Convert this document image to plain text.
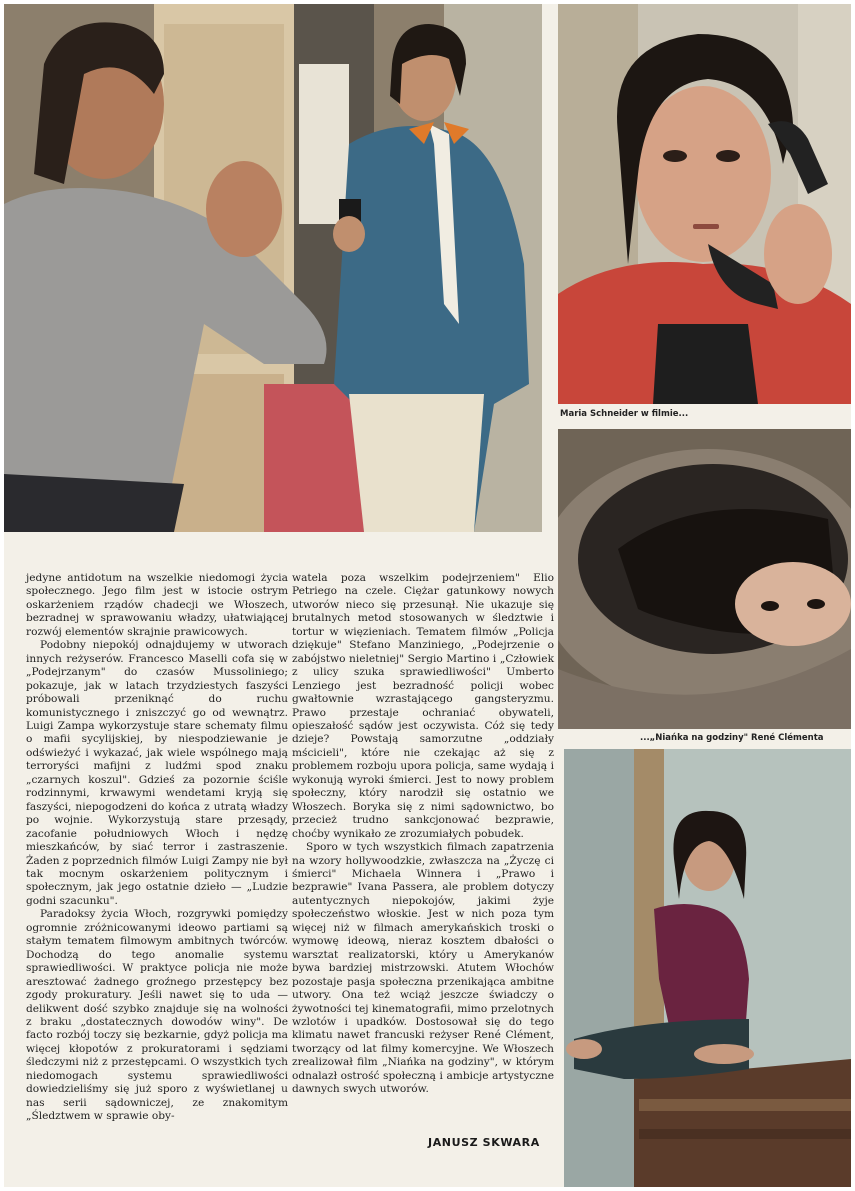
Maria Schneider w filmie...
...„Niańka na godziny" René Clémenta

jedyne antidotum na wszelkie niedomogi życia społecznego. Jego film jest w istocie ostrym oskarżeniem rządów chadecji we Włoszech, bezradnej w sprawowaniu władzy, ułatwiającej rozwój elementów skrajnie prawicowych.

Podobny niepokój odnajdujemy w utworach innych reżyserów. Francesco Maselli cofa się w „Podejrzanym" do czasów Mussoliniego; pokazuje, jak w latach trzydziestych faszyści próbowali przeniknąć do ruchu komunistycznego i zniszczyć go od wewnątrz. Luigi Zampa wykorzystuje stare schematy filmu o mafii sycylijskiej, by niespodziewanie je odświeżyć i wykazać, jak wiele wspólnego mają terroryści mafijni z ludźmi spod znaku „czarnych koszul". Gdzieś za pozornie ściśle rodzinnymi, krwawymi wendetami kryją się faszyści, niepogodzeni do końca z utratą władzy po wojnie. Wykorzystują stare przesądy, zacofanie południowych Włoch i nędzę mieszkańców, by siać terror i zastraszenie. Żaden z poprzednich filmów Luigi Zampy nie był tak mocnym oskarżeniem politycznym i społecznym, jak jego ostatnie dzieło — „Ludzie godni szacunku".

Paradoksy życia Włoch, rozgrywki pomiędzy ogromnie zróżnicowanymi ideowo partiami są stałym tematem filmowym ambitnych twórców. Dochodzą do tego anomalie systemu sprawiedliwości. W praktyce policja nie może aresztować żadnego groźnego przestępcy bez zgody prokuratury. Jeśli nawet się to uda — delikwent dość szybko znajduje się na wolności z braku „dostatecznych dowodów winy". De facto rozbój toczy się bezkarnie, gdyż policja ma więcej kłopotów z prokuratorami i sędziami śledczymi niż z przestępcami. O wszystkich tych niedomogach systemu sprawiedliwości dowiedzieliśmy się już sporo z wyświetlanej u nas serii sądowniczej, ze znakomitym „Śledztwem w sprawie oby-

watela poza wszelkim podejrzeniem" Elio Petriego na czele. Ciężar gatunkowy nowych utworów nieco się przesunął. Nie ukazuje się brutalnych metod stosowanych w śledztwie i tortur w więzieniach. Tematem filmów „Policja dziękuje" Stefano Manziniego, „Podejrzenie o zabójstwo nieletniej" Sergio Martino i „Człowiek z ulicy szuka sprawiedliwości" Umberto Lenziego jest bezradność policji wobec gwałtownie wzrastającego gangsteryzmu. Prawo przestaje ochraniać obywateli, opieszałość sądów jest oczywista. Cóż się tedy dzieje? Powstają samorzutne „oddziały mścicieli", które nie czekając aż się z problemem rozboju upora policja, same wydają i wykonują wyroki śmierci. Jest to nowy problem społeczny, który narodził się ostatnio we Włoszech. Boryka się z nimi sądownictwo, bo przecież trudno sankcjonować bezprawie, choćby wynikało ze zrozumiałych pobudek.

Sporo w tych wszystkich filmach zapatrzenia na wzory hollywoodzkie, zwłaszcza na „Życzę ci śmierci" Michaela Winnera i „Prawo i bezprawie" Ivana Passera, ale problem dotyczy autentycznych niepokojów, jakimi żyje społeczeństwo włoskie. Jest w nich poza tym więcej niż w filmach amerykańskich troski o wymowę ideową, nieraz kosztem dbałości o warsztat realizatorski, który u Amerykanów bywa bardziej mistrzowski. Atutem Włochów pozostaje pasja społeczna przenikająca ambitne utwory. Ona też wciąż jeszcze świadczy o żywotności tej kinematografii, mimo przelotnych wzlotów i upadków. Dostosował się do tego klimatu nawet francuski reżyser René Clément, tworzący od lat filmy komercyjne. We Włoszech zrealizował film „Niańka na godziny", w którym odnalazł ostrość społeczną i ambicje artystyczne dawnych swych utworów.

JANUSZ SKWARA
